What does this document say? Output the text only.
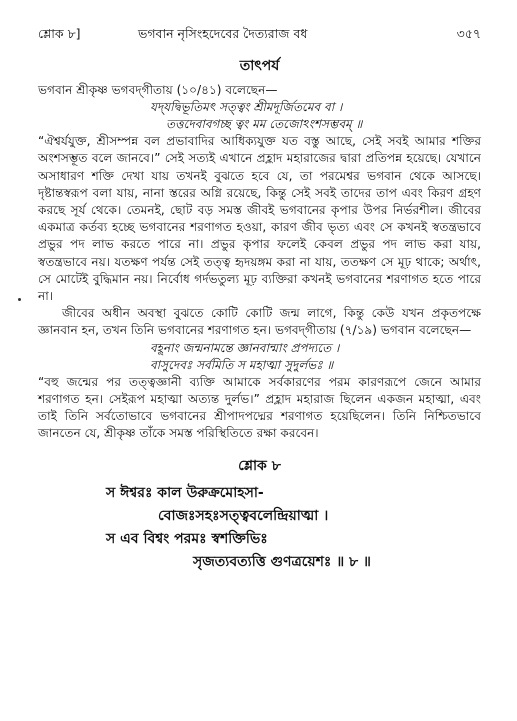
শ্লোক ৮]	ভগবান নৃসিংহদেবের দৈত্যরাজ বধ	৩৫৭
তাৎপর্য

ভগবান শ্রীকৃষ্ণ ভগবদ্‌গীতায় (১০/৪১) বলেছেন—

যদ্‌যদ্বিভূতিমৎ সত্ত্বং শ্রীমদূর্জিতমেব বা ।

তত্তদেবাবগচ্ছ ত্বং মম তেজোঽংশসম্ভবম্‌ ॥

“ঐশ্বর্যযুক্ত, শ্রীসম্পন্ন বল প্রভাবাদির আধিক্যযুক্ত যত বস্তু আছে, সেই সবই আমার শক্তির অংশসম্ভূত বলে জানবে।” সেই সত্যই এখানে প্রহ্লাদ মহারাজের দ্বারা প্রতিপন্ন হয়েছে। যেখানে অসাধারণ শক্তি দেখা যায় তখনই বুঝতে হবে যে, তা পরমেশ্বর ভগবান থেকে আসছে। দৃষ্টান্তস্বরূপ বলা যায়, নানা স্তরের অগ্নি রয়েছে, কিন্তু সেই সবই তাদের তাপ এবং কিরণ গ্রহণ করছে সূর্য থেকে। তেমনই, ছোট বড় সমস্ত জীবই ভগবানের কৃপার উপর নির্ভরশীল। জীবের একমাত্র কর্তব্য হচ্ছে ভগবানের শরণাগত হওয়া, কারণ জীব ভৃত্য এবং সে কখনই স্বতন্ত্রভাবে প্রভুর পদ লাভ করতে পারে না। প্রভুর কৃপার ফলেই কেবল প্রভুর পদ লাভ করা যায়, স্বতন্ত্রভাবে নয়। যতক্ষণ পর্যন্ত সেই তত্ত্ব হৃদয়ঙ্গম করা না যায়, ততক্ষণ সে মূঢ় থাকে; অর্থাৎ, সে মোটেই বুদ্ধিমান নয়। নির্বোধ গর্দভতুল্য মূঢ় ব্যক্তিরা কখনই ভগবানের শরণাগত হতে পারে না।

জীবের অধীন অবস্থা বুঝতে কোটি কোটি জন্ম লাগে, কিন্তু কেউ যখন প্রকৃতপক্ষে জ্ঞানবান হন, তখন তিনি ভগবানের শরণাগত হন। ভগবদ্‌গীতায় (৭/১৯) ভগবান বলেছেন—

বহূনাং জন্মনামন্তে জ্ঞানবান্মাং প্রপদ্যতে ।

বাসুদেবঃ সর্বমিতি স মহাত্মা সুদুর্লভঃ ॥

“বহু জন্মের পর তত্ত্বজ্ঞানী ব্যক্তি আমাকে সর্বকারণের পরম কারণরূপে জেনে আমার শরণাগত হন। সেইরূপ মহাত্মা অত্যন্ত দুর্লভ।” প্রহ্লাদ মহারাজ ছিলেন একজন মহাত্মা, এবং তাই তিনি সর্বতোভাবে ভগবানের শ্রীপাদপদ্মের শরণাগত হয়েছিলেন। তিনি নিশ্চিতভাবে জানতেন যে, শ্রীকৃষ্ণ তাঁকে সমস্ত পরিস্থিতিতে রক্ষা করবেন।

শ্লোক ৮

স ঈশ্বরঃ কাল উরুক্রমোহসা-

বোজঃসহঃসত্ত্ববলেন্দ্রিয়াত্মা ।

স এব বিশ্বং পরমঃ স্বশক্তিভিঃ

সৃজত্যবত্যত্তি গুণত্রয়েশঃ ॥ ৮ ॥
